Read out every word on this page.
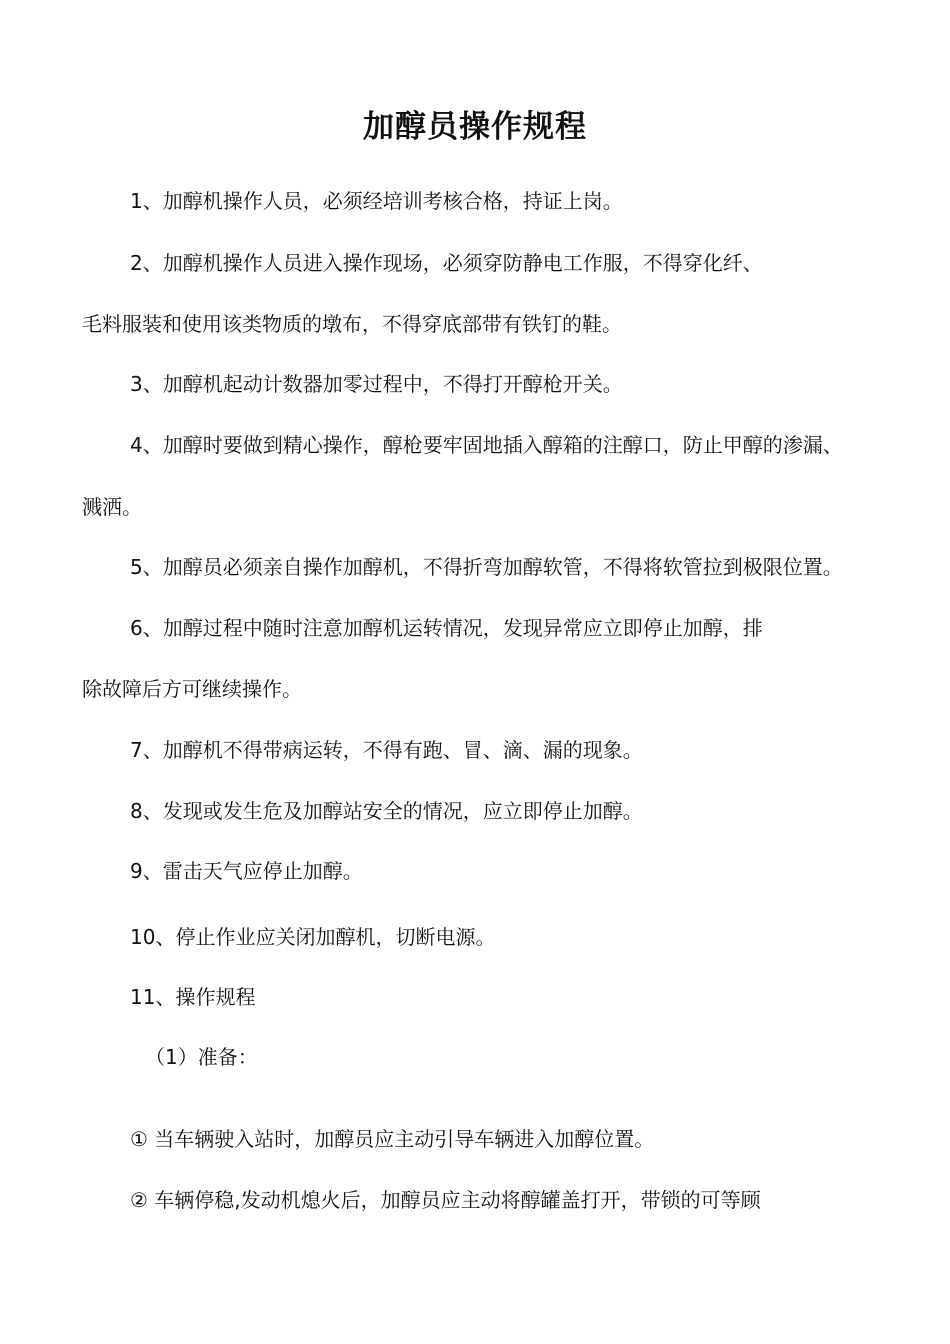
加醇员操作规程
1、加醇机操作人员，必须经培训考核合格，持证上岗。
2、加醇机操作人员进入操作现场，必须穿防静电工作服，不得穿化纤、
毛料服装和使用该类物质的墩布，不得穿底部带有铁钉的鞋。
3、加醇机起动计数器加零过程中，不得打开醇枪开关。
4、加醇时要做到精心操作，醇枪要牢固地插入醇箱的注醇口，防止甲醇的渗漏、
溅洒。
5、加醇员必须亲自操作加醇机，不得折弯加醇软管，不得将软管拉到极限位置。
6、加醇过程中随时注意加醇机运转情况，发现异常应立即停止加醇，排
除故障后方可继续操作。
7、加醇机不得带病运转，不得有跑、冒、滴、漏的现象。
8、发现或发生危及加醇站安全的情况，应立即停止加醇。
9、雷击天气应停止加醇。
10、停止作业应关闭加醇机，切断电源。
11、操作规程
（1）准备：
① 当车辆驶入站时，加醇员应主动引导车辆进入加醇位置。
② 车辆停稳,发动机熄火后，加醇员应主动将醇罐盖打开，带锁的可等顾
